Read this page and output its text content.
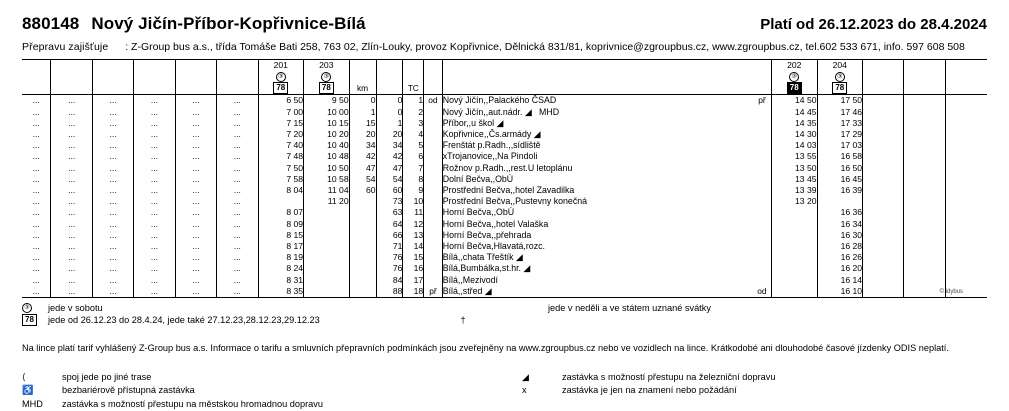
880148 Nový Jičín-Příbor-Kopřivnice-Bílá	Platí od 26.12.2023 do 28.4.2024
Přepravu zajišťuje : Z-Group bus a.s., třída Tomáše Bati 258, 763 02, Zlín-Louky, provoz Kopřivnice, Dělnická 831/81, koprivnice@zgroupbus.cz, www.zgroupbus.cz, tel.602 533 671, info. 597 608 508
						201	203							202	204			
						③	③							③	③			
						78	78	km		TC				78	78			
...	...	...	...	...	...	6 50	9 50	0	0	1	od	Nový Jičín,,Palackého ČSAD	př	14 50	17 50			
...	...	...	...	...	...	7 00	10 00	1	0	2		Nový Jičín,,aut.nádr. ◢ MHD		14 45	17 46			
...	...	...	...	...	...	7 15	10 15	15	1	3		Příbor,,u škol ◢		14 35	17 33			
...	...	...	...	...	...	7 20	10 20	20	20	4		Kopřivnice,,Čs.armády ◢		14 30	17 29			
...	...	...	...	...	...	7 40	10 40	34	34	5		Frenštát p.Radh.,,sídliště		14 03	17 03			
...	...	...	...	...	...	7 48	10 48	42	42	6		xTrojanovice,,Na Pindoli		13 55	16 58			
...	...	...	...	...	...	7 50	10 50	47	47	7		Rožnov p.Radh.,,rest.U letoplánu		13 50	16 50			
...	...	...	...	...	...	7 58	10 58	54	54	8		Dolní Bečva,,ObÚ		13 45	16 45			
...	...	...	...	...	...	8 04	11 04	60	60	9		Prostřední Bečva,,hotel Zavadilka		13 39	16 39			
...	...	...	...	...	...		11 20		73	10		Prostřední Bečva,,Pustevny konečná		13 20				
...	...	...	...	...	...	8 07			63	11		Horní Bečva,,ObÚ			16 36			
...	...	...	...	...	...	8 09			64	12		Horní Bečva,,hotel Valaška			16 34			
...	...	...	...	...	...	8 15			66	13		Horní Bečva,,přehrada			16 30			
...	...	...	...	...	...	8 17			71	14		Horní Bečva,Hlavatá,rozc.			16 28			
...	...	...	...	...	...	8 19			76	15		Bílá,,chata Třeštík ◢			16 26			
...	...	...	...	...	...	8 24			76	16		Bílá,Bumbálka,st.hr. ◢			16 20			
...	...	...	...	...	...	8 31			84	17		Bílá,,Mezivodí			16 14			
...	...	...	...	...	...	8 35			88	18	př	Bílá,,střed ◢	od		16 10				© idybus
③	jede v sobotu	jede v neděli a ve státem uznané svátky
78	jede od 26.12.23 do 28.4.24, jede také 27.12.23,28.12.23,29.12.23	†
Na lince platí tarif vyhlášený Z-Group bus a.s. Informace o tarifu a smluvních přepravních podmínkách jsou zveřejněny na www.zgroupbus.cz nebo ve vozidlech na lince. Krátkodobé ani dlouhodobé časové jízdenky ODIS neplatí.
⟨	spoj jede po jiné trase	◢	zastávka s možností přestupu na železniční dopravu
♿	bezbariérově přístupná zastávka	x	zastávka je jen na znamení nebo požádání
MHD	zastávka s možností přestupu na městskou hromadnou dopravu
